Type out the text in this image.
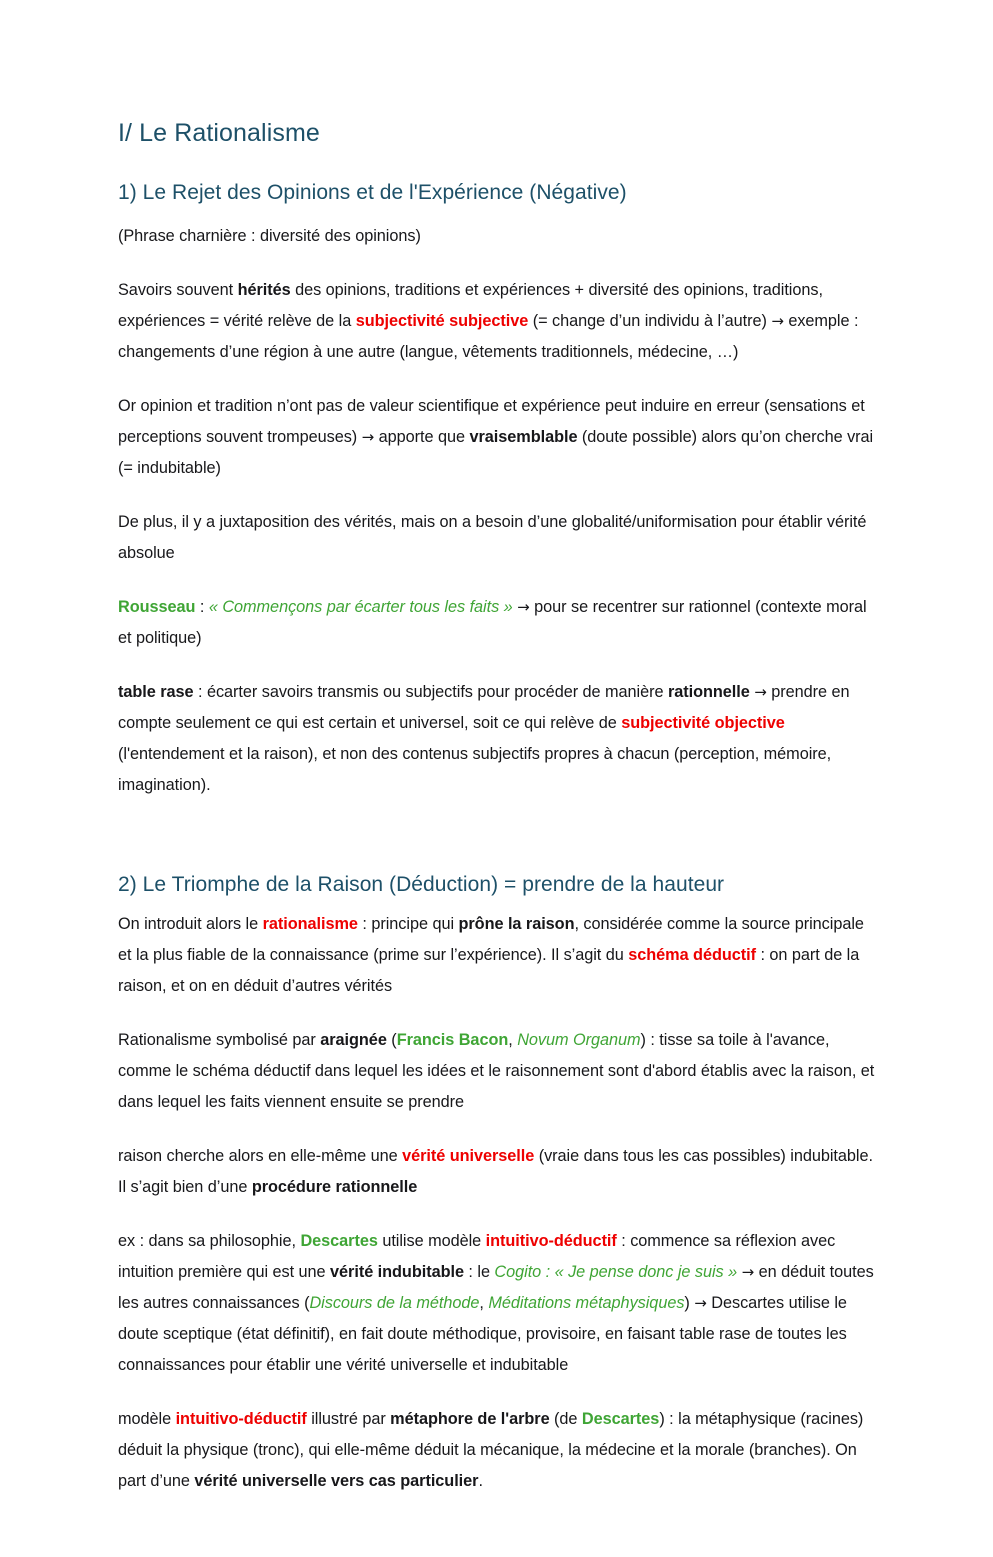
I/ Le Rationalisme
1) Le Rejet des Opinions et de l'Expérience (Négative)

(Phrase charnière : diversité des opinions)

Savoirs souvent hérités des opinions, traditions et expériences + diversité des opinions, traditions, expériences = vérité relève de la subjectivité subjective (= change d’un individu à l’autre) → exemple : changements d’une région à une autre (langue, vêtements traditionnels, médecine, …)

Or opinion et tradition n’ont pas de valeur scientifique et expérience peut induire en erreur (sensations et perceptions souvent trompeuses) → apporte que vraisemblable (doute possible) alors qu’on cherche vrai (= indubitable)

De plus, il y a juxtaposition des vérités, mais on a besoin d’une globalité/uniformisation pour établir vérité absolue

Rousseau : « Commençons par écarter tous les faits » → pour se recentrer sur rationnel (contexte moral et politique)

table rase : écarter savoirs transmis ou subjectifs pour procéder de manière rationnelle → prendre en compte seulement ce qui est certain et universel, soit ce qui relève de subjectivité objective (l'entendement et la raison), et non des contenus subjectifs propres à chacun (perception, mémoire, imagination).

2) Le Triomphe de la Raison (Déduction) = prendre de la hauteur

On introduit alors le rationalisme : principe qui prône la raison, considérée comme la source principale et la plus fiable de la connaissance (prime sur l’expérience). Il s’agit du schéma déductif : on part de la raison, et on en déduit d’autres vérités

Rationalisme symbolisé par araignée (Francis Bacon, Novum Organum) : tisse sa toile à l'avance, comme le schéma déductif dans lequel les idées et le raisonnement sont d'abord établis avec la raison, et dans lequel les faits viennent ensuite se prendre

raison cherche alors en elle-même une vérité universelle (vraie dans tous les cas possibles) indubitable. Il s’agit bien d’une procédure rationnelle

ex : dans sa philosophie, Descartes utilise modèle intuitivo-déductif : commence sa réflexion avec intuition première qui est une vérité indubitable : le Cogito : « Je pense donc je suis » → en déduit toutes les autres connaissances (Discours de la méthode, Méditations métaphysiques) → Descartes utilise le doute sceptique (état définitif), en fait doute méthodique, provisoire, en faisant table rase de toutes les connaissances pour établir une vérité universelle et indubitable

modèle intuitivo-déductif illustré par métaphore de l'arbre (de Descartes) : la métaphysique (racines) déduit la physique (tronc), qui elle-même déduit la mécanique, la médecine et la morale (branches). On part d’une vérité universelle vers cas particulier.
